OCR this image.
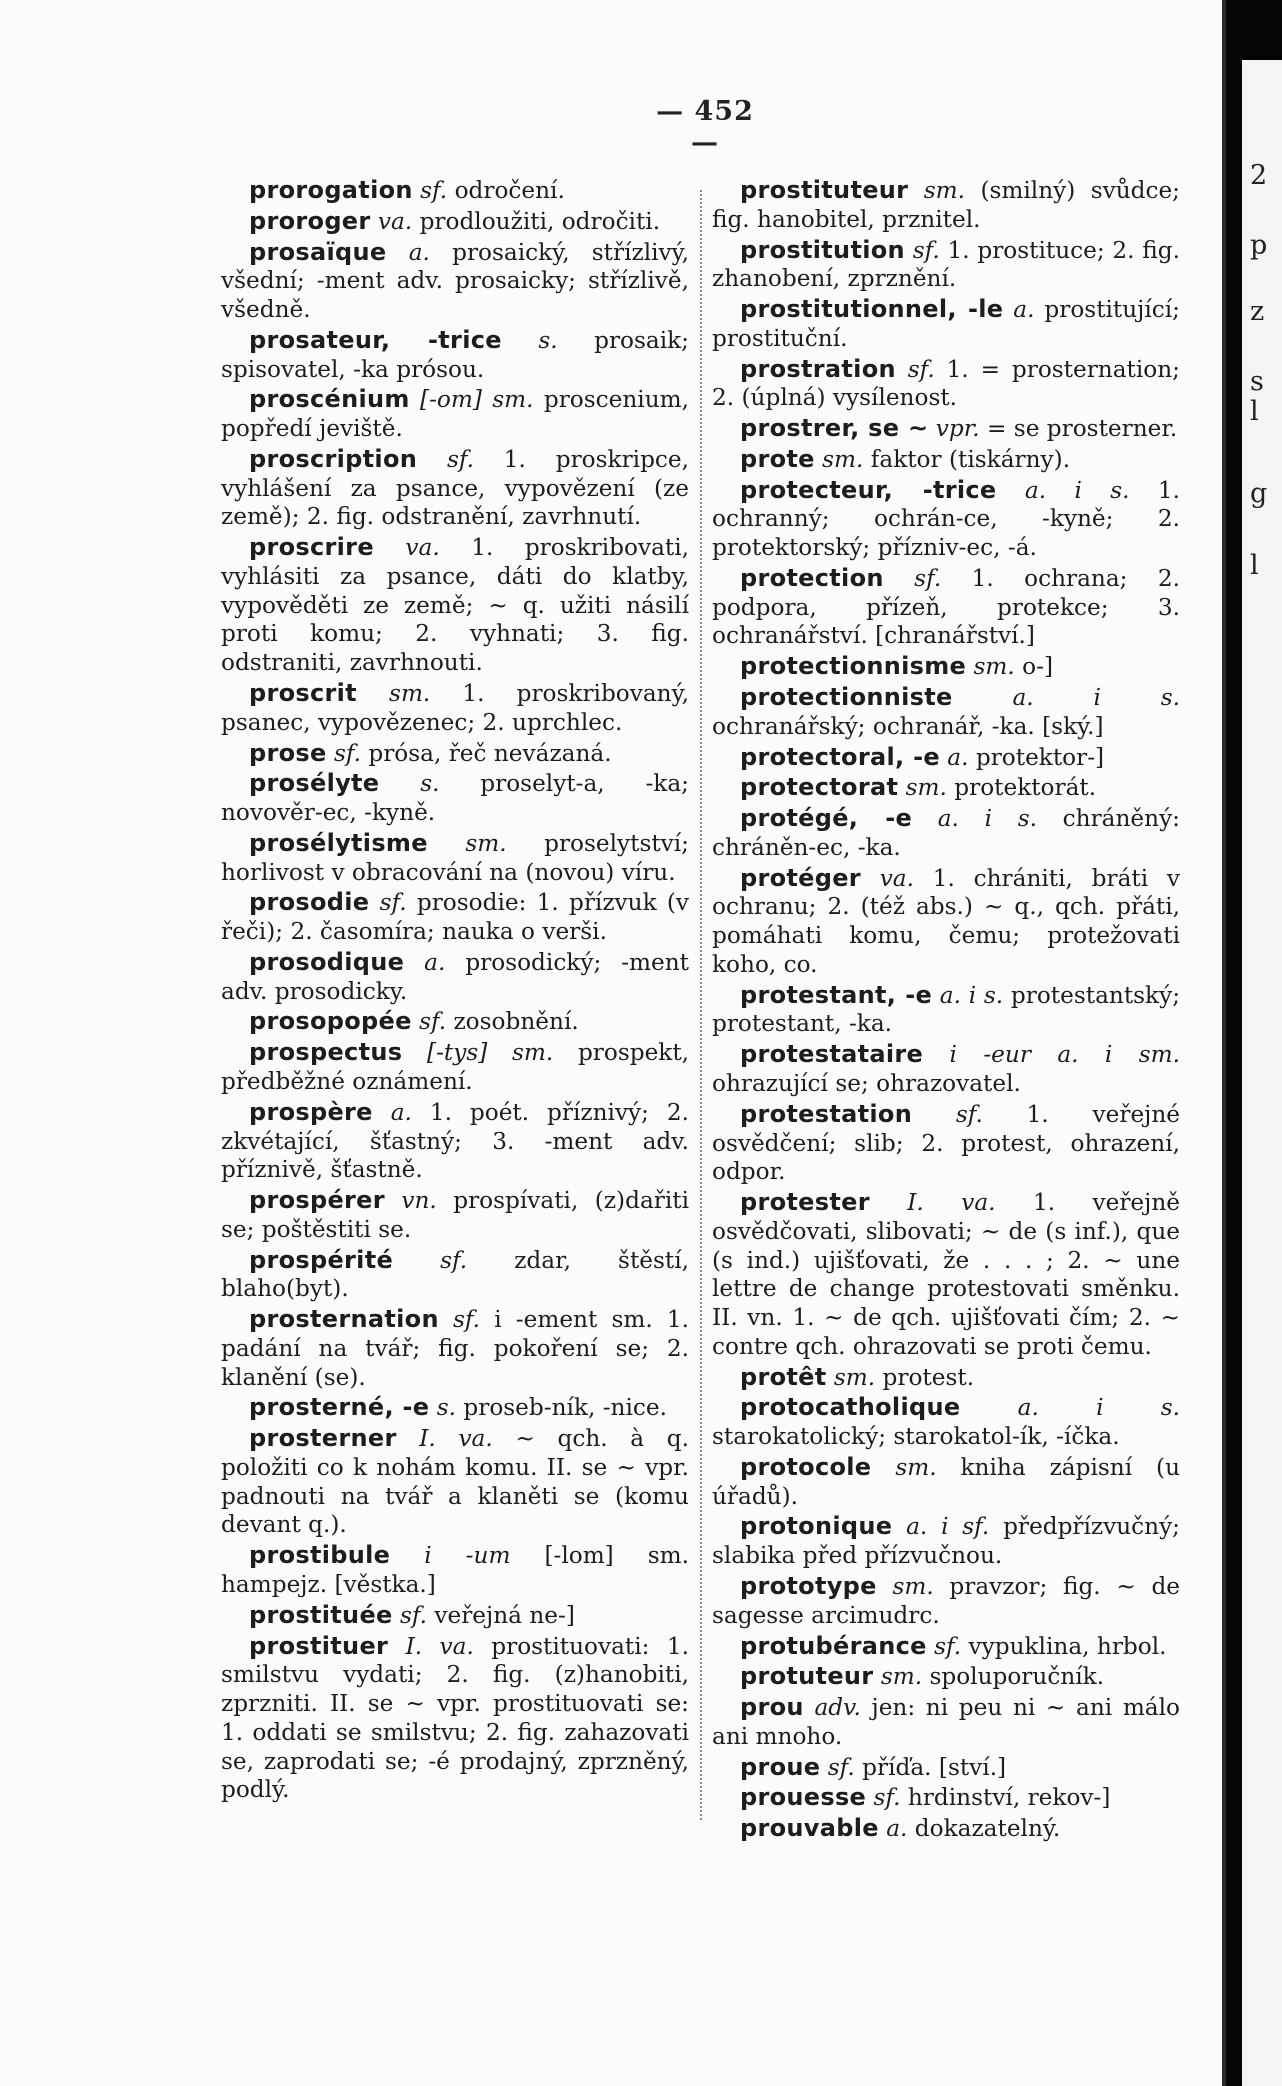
— 452 —

prorogation sf. odročení.

proroger va. prodloužiti, odročiti.

prosaïque a. prosaický, střízlivý, všední; -ment adv. prosaicky; střízlivě, všedně.

prosateur, -trice s. prosaik; spisovatel, -ka prósou.

proscénium [-om] sm. proscenium, popředí jeviště.

proscription sf. 1. proskripce, vyhlášení za psance, vypovězení (ze země); 2. fig. odstranění, zavrhnutí.

proscrire va. 1. proskribovati, vyhlásiti za psance, dáti do klatby, vypověděti ze země; ~ q. užiti násilí proti komu; 2. vyhnati; 3. fig. odstraniti, zavrhnouti.

proscrit sm. 1. proskribovaný, psanec, vypovězenec; 2. uprchlec.

prose sf. prósa, řeč nevázaná.

prosélyte s. proselyt-a, -ka; novověr-ec, -kyně.

prosélytisme sm. proselytství; horlivost v obracování na (novou) víru.

prosodie sf. prosodie: 1. přízvuk (v řeči); 2. časomíra; nauka o verši.

prosodique a. prosodický; -ment adv. prosodicky.

prosopopée sf. zosobnění.

prospectus [-tys] sm. prospekt, předběžné oznámení.

prospère a. 1. poét. příznivý; 2. zkvétající, šťastný; 3. -ment adv. příznivě, šťastně.

prospérer vn. prospívati, (z)dařiti se; poštěstiti se.

prospérité sf. zdar, štěstí, blaho(byt).

prosternation sf. i -ement sm. 1. padání na tvář; fig. pokoření se; 2. klanění (se).

prosterné, -e s. proseb-ník, -nice.

prosterner I. va. ~ qch. à q. položiti co k nohám komu. II. se ~ vpr. padnouti na tvář a klaněti se (komu devant q.).

prostibule i -um [-lom] sm. hampejz. [věstka.]

prostituée sf. veřejná ne-]

prostituer I. va. prostituovati: 1. smilstvu vydati; 2. fig. (z)hanobiti, zprzniti. II. se ~ vpr. prostituovati se: 1. oddati se smilstvu; 2. fig. zahazovati se, zaprodati se; -é prodajný, zprzněný, podlý.

prostituteur sm. (smilný) svůdce; fig. hanobitel, prznitel.

prostitution sf. 1. prostituce; 2. fig. zhanobení, zprznění.

prostitutionnel, -le a. prostitující; prostituční.

prostration sf. 1. = prosternation; 2. (úplná) vysílenost.

prostrer, se ~ vpr. = se prosterner.

prote sm. faktor (tiskárny).

protecteur, -trice a. i s. 1. ochranný; ochrán-ce, -kyně; 2. protektorský; přízniv-ec, -á.

protection sf. 1. ochrana; 2. podpora, přízeň, protekce; 3. ochranářství. [chranářství.]

protectionnisme sm. o-]

protectionniste	a. i s. ochranářský; ochranář, -ka. [ský.]

protectoral, -e a. protektor-]

protectorat sm. protektorát.

protégé, -e a. i s. chráněný: chráněn-ec, -ka.

protéger va. 1. chrániti, bráti v ochranu; 2. (též abs.) ~ q., qch. přáti, pomáhati komu, čemu; protežovati koho, co.

protestant, -e a. i s. protestantský; protestant, -ka.

protestataire i -eur a. i sm. ohrazující se; ohrazovatel.

protestation sf. 1. veřejné osvědčení; slib; 2. protest, ohrazení, odpor.

protester I. va. 1. veřejně osvědčovati, slibovati; ~ de (s inf.), que (s ind.) ujišťovati, že . . . ; 2. ~ une lettre de change protestovati směnku. II. vn. 1. ~ de qch. ujišťovati čím; 2. ~ contre qch. ohrazovati se proti čemu.

protêt sm. protest.

protocatholique a. i s. starokatolický; starokatol-ík, -íčka.

protocole sm. kniha zápisní (u úřadů).

protonique a. i sf. předpřízvučný; slabika před přízvučnou.

prototype sm. pravzor; fig. ~ de sagesse arcimudrc.

protubérance sf. vypuklina, hrbol.

protuteur sm. spoluporučník.

prou adv. jen: ni peu ni ~ ani málo ani mnoho.

proue sf. příďa. [ství.]

prouesse sf. hrdinství, rekov-]

prouvable a. dokazatelný.

2
p
z
s
l
g
l
